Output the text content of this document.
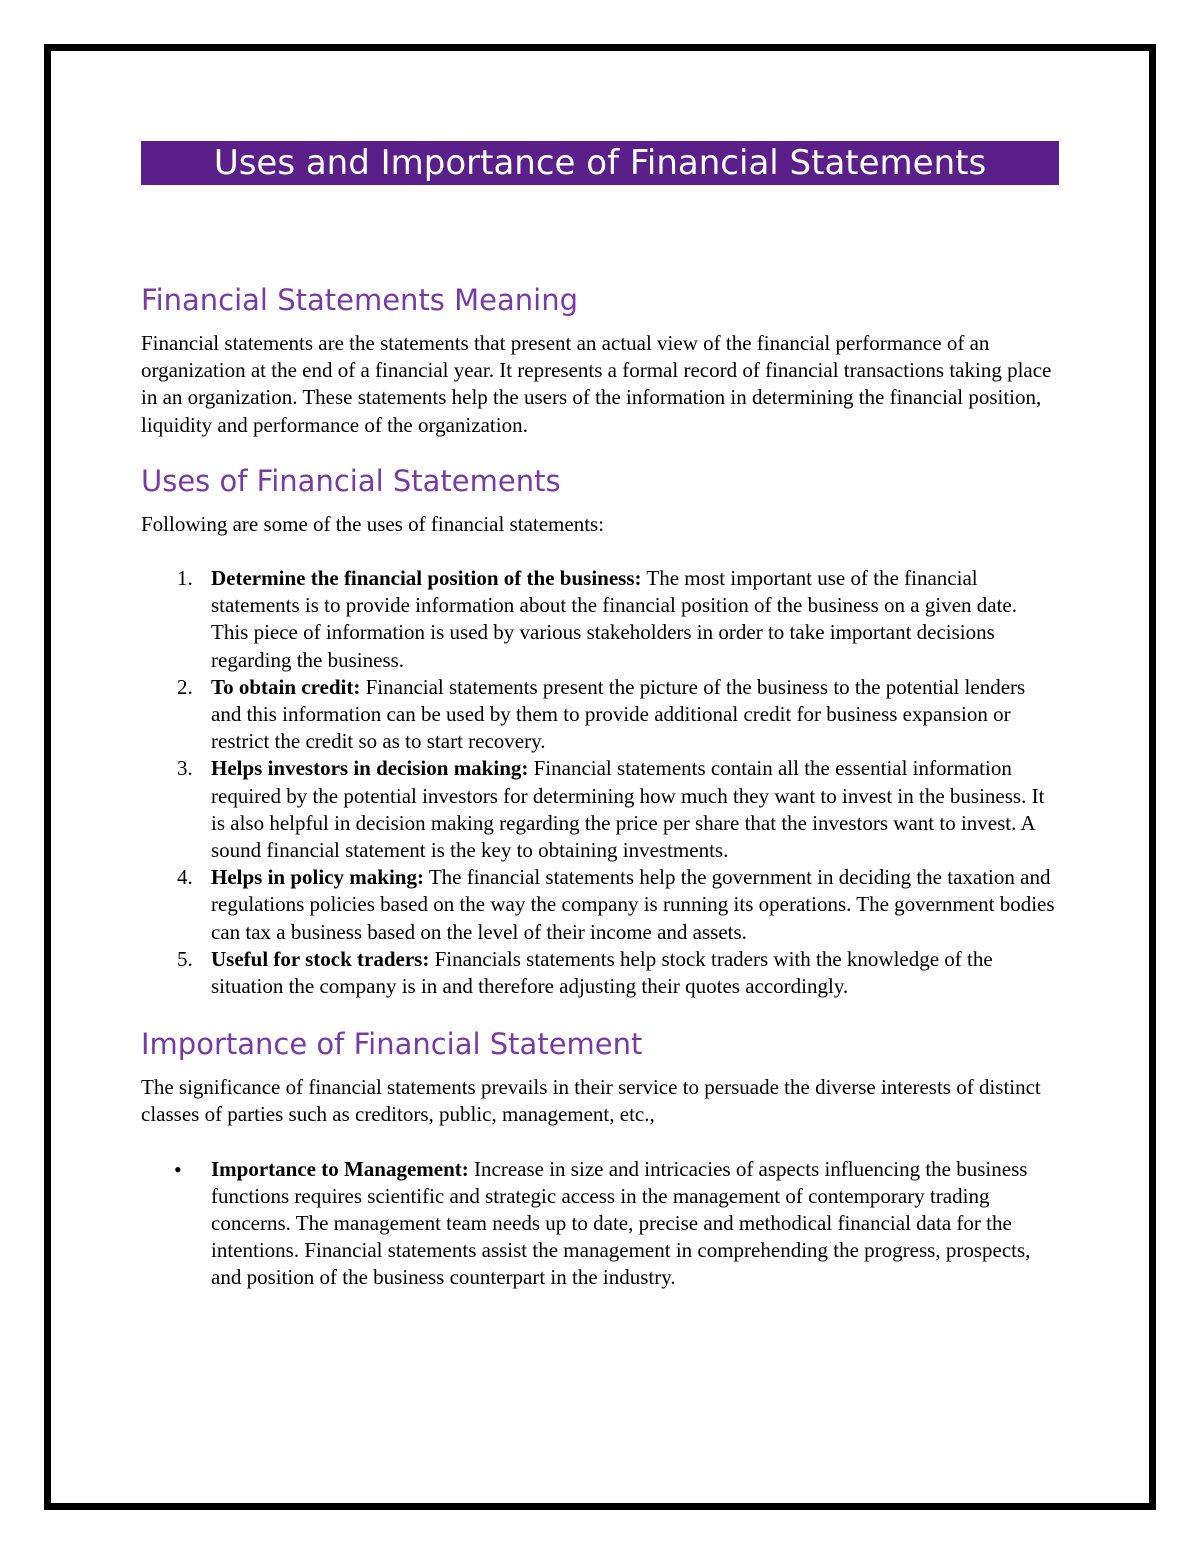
Uses and Importance of Financial Statements
Financial Statements Meaning

Financial statements are the statements that present an actual view of the financial performance of an organization at the end of a financial year. It represents a formal record of financial transactions taking place in an organization. These statements help the users of the information in determining the financial position, liquidity and performance of the organization.

Uses of Financial Statements

Following are some of the uses of financial statements:

1. Determine the financial position of the business: The most important use of the financial statements is to provide information about the financial position of the business on a given date. This piece of information is used by various stakeholders in order to take important decisions regarding the business.
2. To obtain credit: Financial statements present the picture of the business to the potential lenders and this information can be used by them to provide additional credit for business expansion or restrict the credit so as to start recovery.
3. Helps investors in decision making: Financial statements contain all the essential information required by the potential investors for determining how much they want to invest in the business. It is also helpful in decision making regarding the price per share that the investors want to invest. A sound financial statement is the key to obtaining investments.
4. Helps in policy making: The financial statements help the government in deciding the taxation and regulations policies based on the way the company is running its operations. The government bodies can tax a business based on the level of their income and assets.
5. Useful for stock traders: Financials statements help stock traders with the knowledge of the situation the company is in and therefore adjusting their quotes accordingly.
Importance of Financial Statement

The significance of financial statements prevails in their service to persuade the diverse interests of distinct classes of parties such as creditors, public, management, etc.,

• Importance to Management: Increase in size and intricacies of aspects influencing the business functions requires scientific and strategic access in the management of contemporary trading concerns. The management team needs up to date, precise and methodical financial data for the intentions. Financial statements assist the management in comprehending the progress, prospects, and position of the business counterpart in the industry.
